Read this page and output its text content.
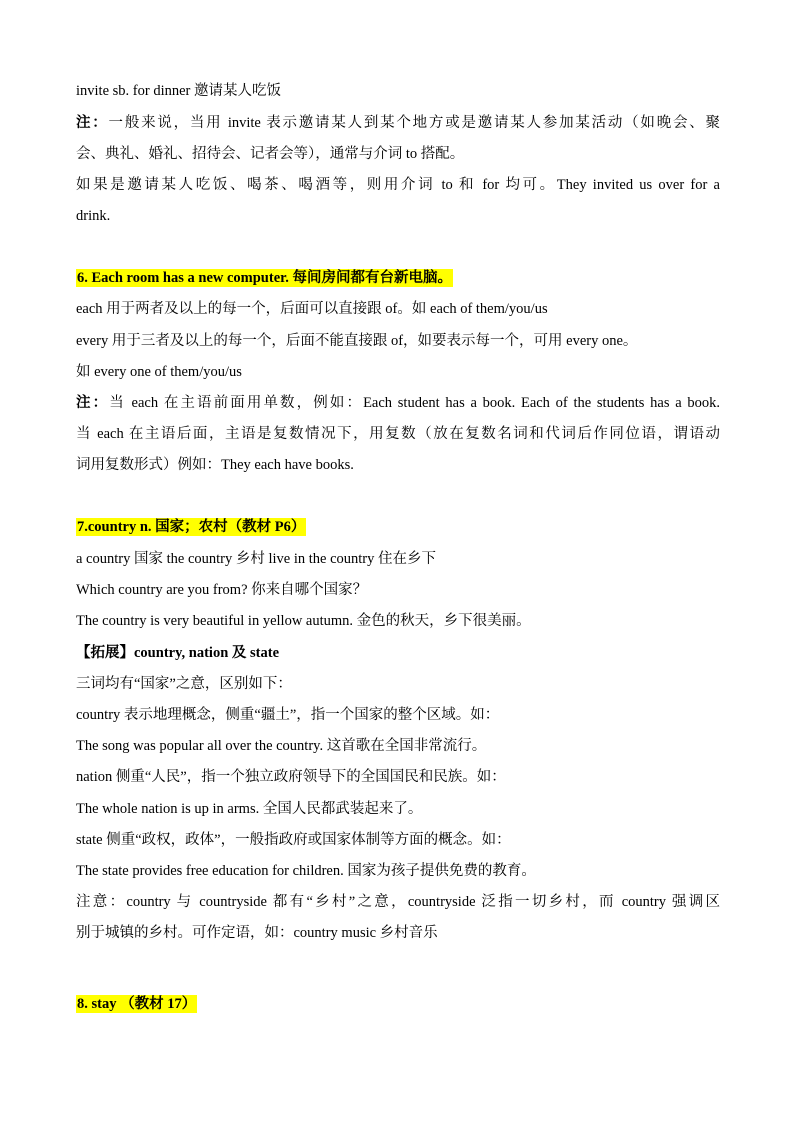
invite sb. for dinner 邀请某人吃饭
注：一般来说，当用 invite 表示邀请某人到某个地方或是邀请某人参加某活动（如晚会、聚
会、典礼、婚礼、招待会、记者会等），通常与介词 to 搭配。
如果是邀请某人吃饭、喝茶、喝酒等，则用介词 to 和 for 均可。They invited us over for a
drink.
6. Each room has a new computer. 每间房间都有台新电脑。
each 用于两者及以上的每一个，后面可以直接跟 of。如 each of them/you/us
every 用于三者及以上的每一个，后面不能直接跟 of，如要表示每一个，可用 every one。
如 every one of them/you/us
注：当 each 在主语前面用单数，例如：Each student has a book. Each of the students has a book.
当 each 在主语后面，主语是复数情况下，用复数（放在复数名词和代词后作同位语，谓语动
词用复数形式）例如：They each have books.
7.country n. 国家；农村（教材 P6）
a country 国家 the country 乡村 live in the country 住在乡下
Which country are you from? 你来自哪个国家？
The country is very beautiful in yellow autumn. 金色的秋天，乡下很美丽。
【拓展】country, nation 及 state
三词均有“国家”之意，区别如下：
country 表示地理概念，侧重“疆土”，指一个国家的整个区域。如：
The song was popular all over the country. 这首歌在全国非常流行。
nation 侧重“人民”，指一个独立政府领导下的全国国民和民族。如：
The whole nation is up in arms. 全国人民都武装起来了。
state 侧重“政权，政体”，一般指政府或国家体制等方面的概念。如：
The state provides free education for children. 国家为孩子提供免费的教育。
注意：country 与 countryside 都有“乡村”之意，countryside 泛指一切乡村，而 country 强调区
别于城镇的乡村。可作定语，如：country music 乡村音乐
8. stay （教材 17）
